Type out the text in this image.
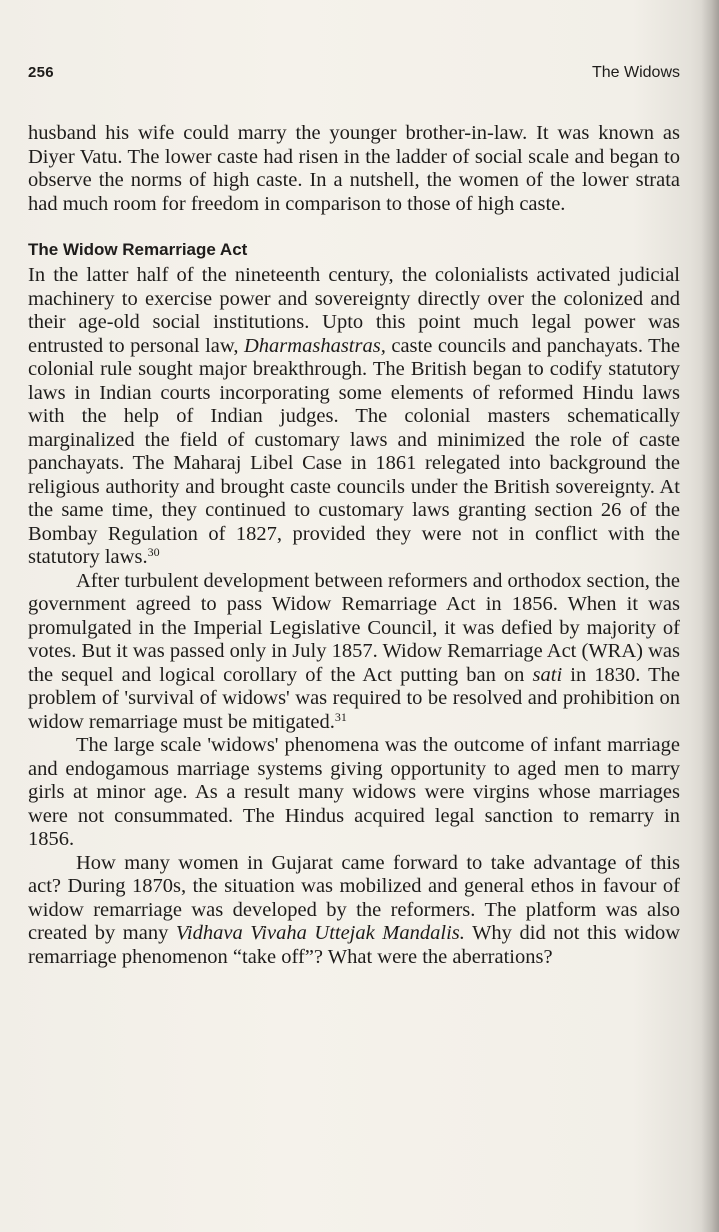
256	The Widows

husband his wife could marry the younger brother-in-law. It was known as Diyer Vatu. The lower caste had risen in the ladder of social scale and began to observe the norms of high caste. In a nutshell, the women of the lower strata had much room for freedom in comparison to those of high caste.

The Widow Remarriage Act

In the latter half of the nineteenth century, the colonialists activated judicial machinery to exercise power and sovereignty directly over the colonized and their age-old social institutions. Upto this point much legal power was entrusted to personal law, Dharmashastras, caste councils and panchayats. The colonial rule sought major breakthrough. The British began to codify statutory laws in Indian courts incorporating some elements of reformed Hindu laws with the help of Indian judges. The colonial masters schematically marginalized the field of customary laws and minimized the role of caste panchayats. The Maharaj Libel Case in 1861 relegated into background the religious authority and brought caste councils under the British sovereignty. At the same time, they continued to customary laws granting section 26 of the Bombay Regulation of 1827, provided they were not in conflict with the statutory laws.$^{30}$

After turbulent development between reformers and orthodox section, the government agreed to pass Widow Remarriage Act in 1856. When it was promulgated in the Imperial Legislative Council, it was defied by majority of votes. But it was passed only in July 1857. Widow Remarriage Act (WRA) was the sequel and logical corollary of the Act putting ban on sati in 1830. The problem of 'survival of widows' was required to be resolved and prohibition on widow remarriage must be mitigated.$^{31}$

The large scale 'widows' phenomena was the outcome of infant marriage and endogamous marriage systems giving opportunity to aged men to marry girls at minor age. As a result many widows were virgins whose marriages were not consummated. The Hindus acquired legal sanction to remarry in 1856.

How many women in Gujarat came forward to take advantage of this act? During 1870s, the situation was mobilized and general ethos in favour of widow remarriage was developed by the reformers. The platform was also created by many Vidhava Vivaha Uttejak Mandalis. Why did not this widow remarriage phenomenon “take off”? What were the aberrations?
